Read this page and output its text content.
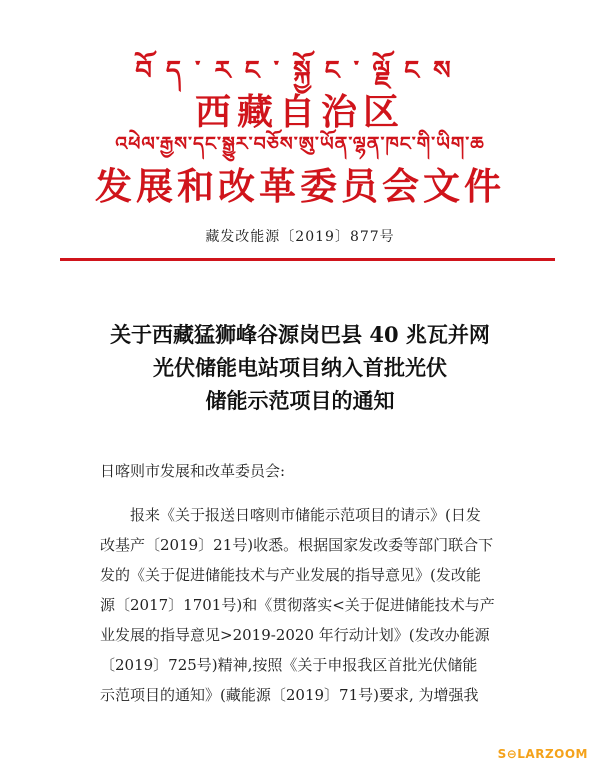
བོད་རང་སྐྱོང་ལྗོངས
西藏自治区
འཕེལ་རྒྱས་དང་སྒྱུར་བཅོས་ཨུ་ཡོན་ལྷན་ཁང་གི་ཡིག་ཆ
发展和改革委员会文件
藏发改能源〔2019〕877号
关于西藏猛狮峰谷源岗巴县 40 兆瓦并网
光伏储能电站项目纳入首批光伏
储能示范项目的通知
日喀则市发展和改革委员会:
报来《关于报送日喀则市储能示范项目的请示》(日发
改基产〔2019〕21号)收悉。根据国家发改委等部门联合下
发的《关于促进储能技术与产业发展的指导意见》(发改能
源〔2017〕1701号)和《贯彻落实<关于促进储能技术与产
业发展的指导意见>2019-2020 年行动计划》(发改办能源
〔2019〕725号)精神,按照《关于申报我区首批光伏储能
示范项目的通知》(藏能源〔2019〕71号)要求, 为增强我
S⊖LARZOOM
